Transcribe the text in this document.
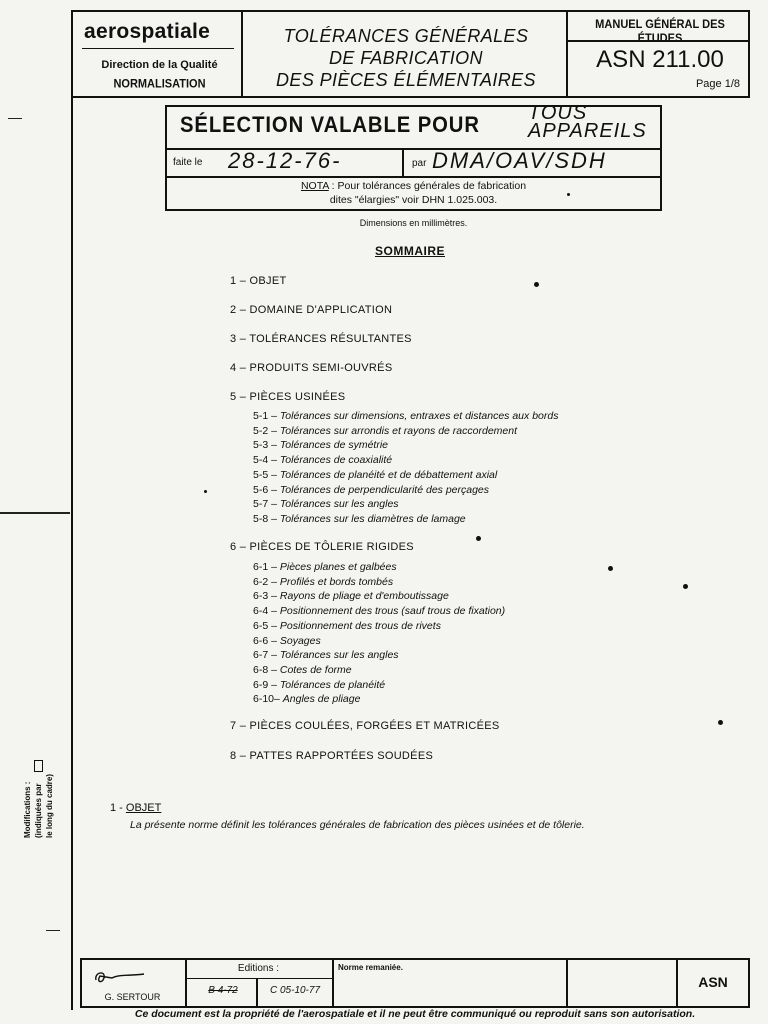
aerospatiale
Direction de la Qualité
NORMALISATION
TOLÉRANCES GÉNÉRALES
DE FABRICATION
DES PIÈCES ÉLÉMENTAIRES
MANUEL GÉNÉRAL DES ÉTUDES
ASN 211.00
Page 1/8
SÉLECTION VALABLE POUR TOUS
APPAREILS
faite le 28-12-76-	par DMA/OAV/SDH
NOTA : Pour tolérances générales de fabrication
dites "élargies" voir DHN 1.025.003.
Dimensions en millimètres.
SOMMAIRE
1 – OBJET
2 – DOMAINE D'APPLICATION
3 – TOLÉRANCES RÉSULTANTES
4 – PRODUITS SEMI-OUVRÉS
5 – PIÈCES USINÉES
5-1 – Tolérances sur dimensions, entraxes et distances aux bords
5-2 – Tolérances sur arrondis et rayons de raccordement
5-3 – Tolérances de symétrie
5-4 – Tolérances de coaxialité
5-5 – Tolérances de planéité et de débattement axial
5-6 – Tolérances de perpendicularité des perçages
5-7 – Tolérances sur les angles
5-8 – Tolérances sur les diamètres de lamage
6 – PIÈCES DE TÔLERIE RIGIDES
6-1 – Pièces planes et galbées
6-2 – Profilés et bords tombés
6-3 – Rayons de pliage et d'emboutissage
6-4 – Positionnement des trous (sauf trous de fixation)
6-5 – Positionnement des trous de rivets
6-6 – Soyages
6-7 – Tolérances sur les angles
6-8 – Cotes de forme
6-9 – Tolérances de planéité
6-10– Angles de pliage
7 – PIÈCES COULÉES, FORGÉES ET MATRICÉES
8 – PATTES RAPPORTÉES SOUDÉES
1 - OBJET
La présente norme définit les tolérances générales de fabrication des pièces usinées et de tôlerie.
Modifications : (indiquées par le long du cadre)
Editions :
B 4-72	C 05-10-77
Norme remaniée.
ASN
G. SERTOUR
Ce document est la propriété de l'aerospatiale et il ne peut être communiqué ou reproduit sans son autorisation.
